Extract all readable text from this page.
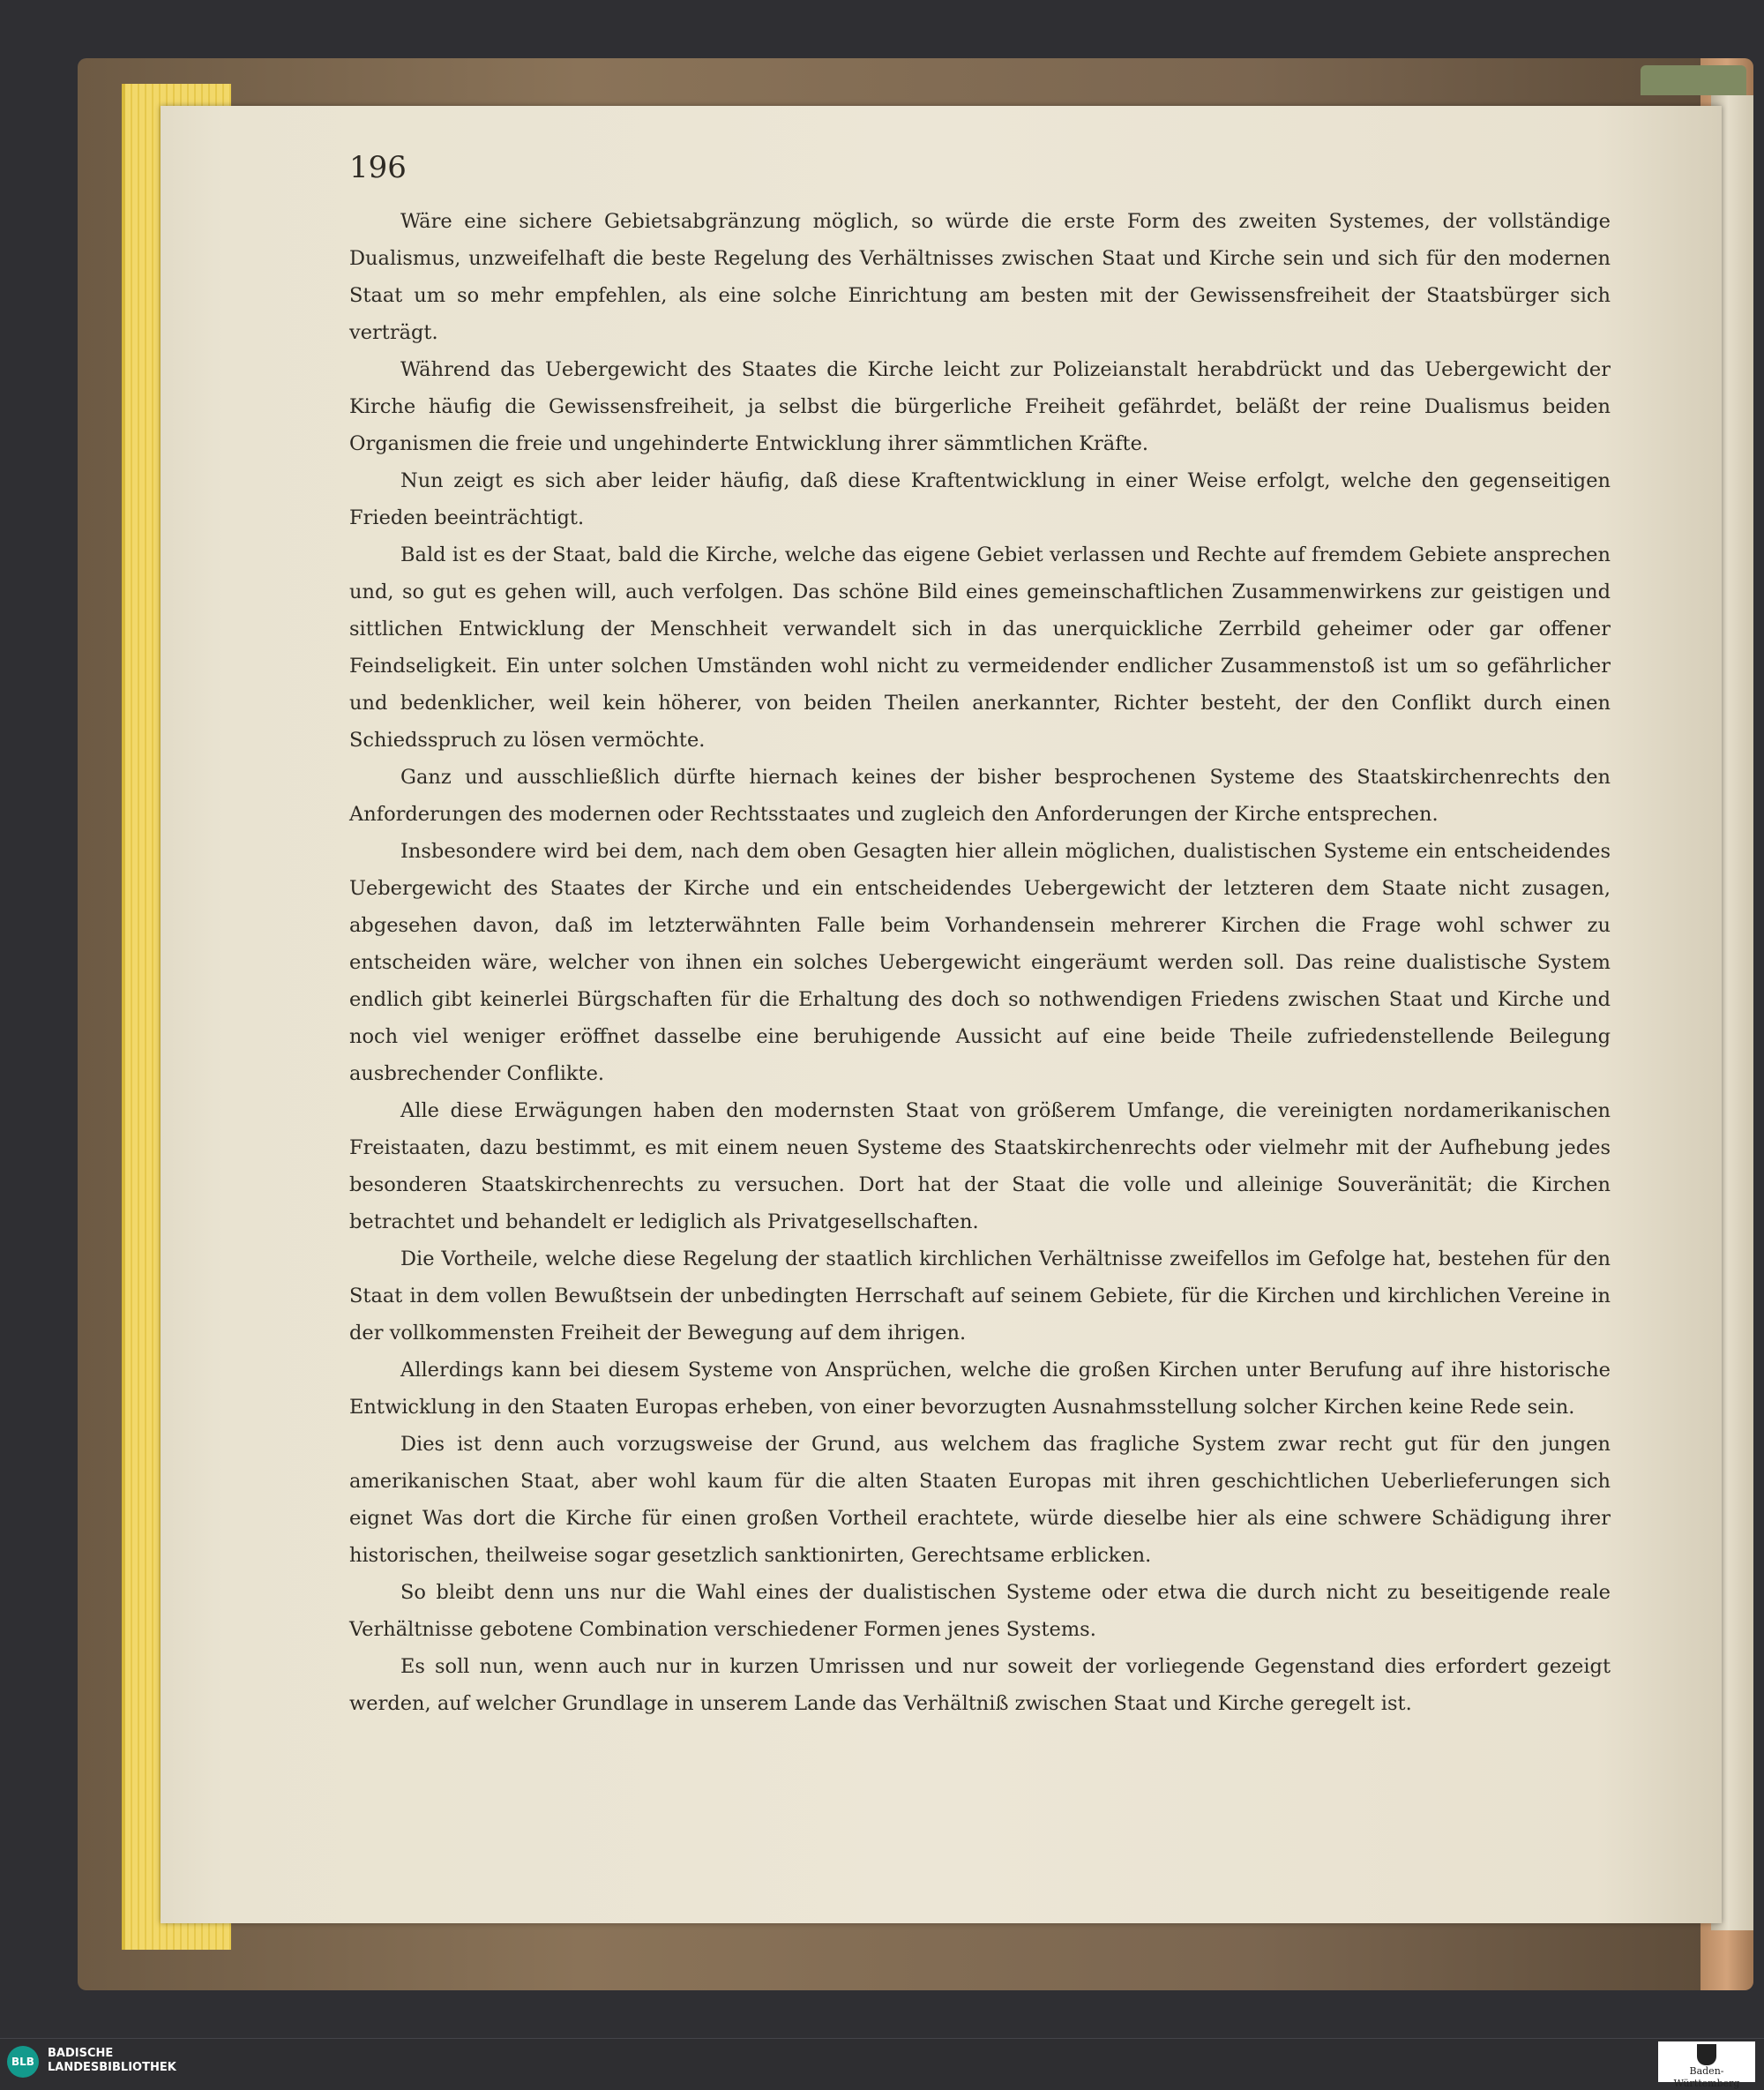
196

Wäre eine sichere Gebietsabgränzung möglich, so würde die erste Form des zweiten Systemes, der vollständige Dualismus, unzweifelhaft die beste Regelung des Verhältnisses zwischen Staat und Kirche sein und sich für den modernen Staat um so mehr empfehlen, als eine solche Einrichtung am besten mit der Gewissensfreiheit der Staatsbürger sich verträgt.

Während das Uebergewicht des Staates die Kirche leicht zur Polizeianstalt herabdrückt und das Uebergewicht der Kirche häufig die Gewissensfreiheit, ja selbst die bürgerliche Freiheit gefährdet, beläßt der reine Dualismus beiden Organismen die freie und ungehinderte Entwicklung ihrer sämmtlichen Kräfte.

Nun zeigt es sich aber leider häufig, daß diese Kraftentwicklung in einer Weise erfolgt, welche den gegenseitigen Frieden beeinträchtigt.

Bald ist es der Staat, bald die Kirche, welche das eigene Gebiet verlassen und Rechte auf fremdem Gebiete ansprechen und, so gut es gehen will, auch verfolgen. Das schöne Bild eines gemeinschaftlichen Zusammenwirkens zur geistigen und sittlichen Entwicklung der Menschheit verwandelt sich in das unerquickliche Zerrbild geheimer oder gar offener Feindseligkeit. Ein unter solchen Umständen wohl nicht zu vermeidender endlicher Zusammenstoß ist um so gefährlicher und bedenklicher, weil kein höherer, von beiden Theilen anerkannter, Richter besteht, der den Conflikt durch einen Schiedsspruch zu lösen vermöchte.

Ganz und ausschließlich dürfte hiernach keines der bisher besprochenen Systeme des Staatskirchenrechts den Anforderungen des modernen oder Rechtsstaates und zugleich den Anforderungen der Kirche entsprechen.

Insbesondere wird bei dem, nach dem oben Gesagten hier allein möglichen, dualistischen Systeme ein entscheidendes Uebergewicht des Staates der Kirche und ein entscheidendes Uebergewicht der letzteren dem Staate nicht zusagen, abgesehen davon, daß im letzterwähnten Falle beim Vorhandensein mehrerer Kirchen die Frage wohl schwer zu entscheiden wäre, welcher von ihnen ein solches Uebergewicht eingeräumt werden soll. Das reine dualistische System endlich gibt keinerlei Bürgschaften für die Erhaltung des doch so nothwendigen Friedens zwischen Staat und Kirche und noch viel weniger eröffnet dasselbe eine beruhigende Aussicht auf eine beide Theile zufriedenstellende Beilegung ausbrechender Conflikte.

Alle diese Erwägungen haben den modernsten Staat von größerem Umfange, die vereinigten nordamerikanischen Freistaaten, dazu bestimmt, es mit einem neuen Systeme des Staatskirchenrechts oder vielmehr mit der Aufhebung jedes besonderen Staatskirchenrechts zu versuchen. Dort hat der Staat die volle und alleinige Souveränität; die Kirchen betrachtet und behandelt er lediglich als Privatgesellschaften.

Die Vortheile, welche diese Regelung der staatlich kirchlichen Verhältnisse zweifellos im Gefolge hat, bestehen für den Staat in dem vollen Bewußtsein der unbedingten Herrschaft auf seinem Gebiete, für die Kirchen und kirchlichen Vereine in der vollkommensten Freiheit der Bewegung auf dem ihrigen.

Allerdings kann bei diesem Systeme von Ansprüchen, welche die großen Kirchen unter Berufung auf ihre historische Entwicklung in den Staaten Europas erheben, von einer bevorzugten Ausnahmsstellung solcher Kirchen keine Rede sein.

Dies ist denn auch vorzugsweise der Grund, aus welchem das fragliche System zwar recht gut für den jungen amerikanischen Staat, aber wohl kaum für die alten Staaten Europas mit ihren geschichtlichen Ueberlieferungen sich eignet Was dort die Kirche für einen großen Vortheil erachtete, würde dieselbe hier als eine schwere Schädigung ihrer historischen, theilweise sogar gesetzlich sanktionirten, Gerechtsame erblicken.

So bleibt denn uns nur die Wahl eines der dualistischen Systeme oder etwa die durch nicht zu beseitigende reale Verhältnisse gebotene Combination verschiedener Formen jenes Systems.

Es soll nun, wenn auch nur in kurzen Umrissen und nur soweit der vorliegende Gegenstand dies erfordert gezeigt werden, auf welcher Grundlage in unserem Lande das Verhältniß zwischen Staat und Kirche geregelt ist.

BLB
BADISCHE
LANDESBIBLIOTHEK	Baden-Württemberg
